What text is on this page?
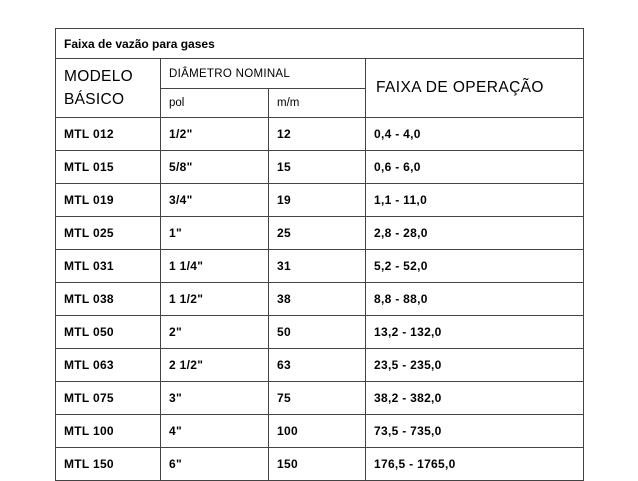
Faixa de vazão para gases			

MODELO
BÁSICO	DIÂMETRO NOMINAL		FAIXA DE OPERAÇÃO
	pol	m/m	
MTL 012	1/2"	12	0,4 - 4,0
MTL 015	5/8"	15	0,6 - 6,0
MTL 019	3/4"	19	1,1 - 11,0
MTL 025	1"	25	2,8 - 28,0
MTL 031	1 1/4"	31	5,2 - 52,0
MTL 038	1 1/2"	38	8,8 - 88,0
MTL 050	2"	50	13,2 - 132,0
MTL 063	2 1/2"	63	23,5 - 235,0
MTL 075	3"	75	38,2 - 382,0
MTL 100	4"	100	73,5 - 735,0
MTL 150	6"	150	176,5 - 1765,0
